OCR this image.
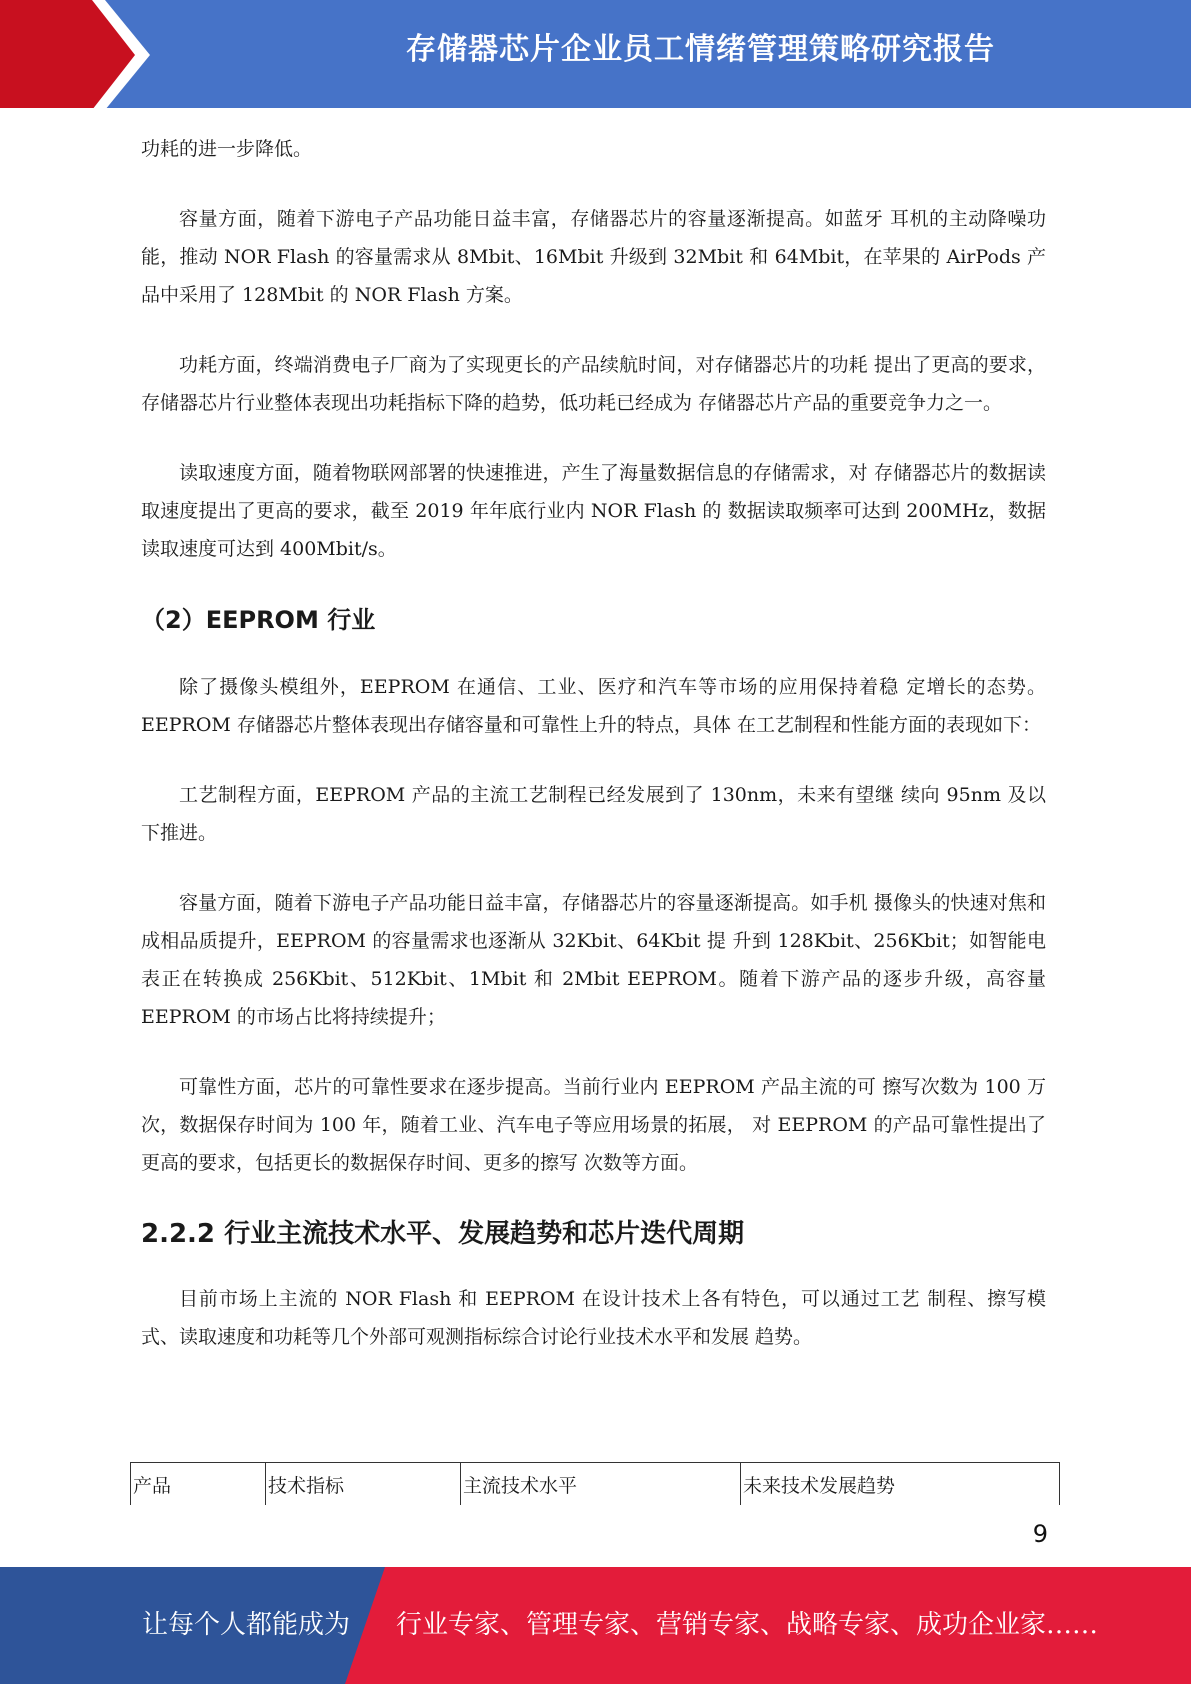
存储器芯片企业员工情绪管理策略研究报告

功耗的进一步降低。

容量方面，随着下游电子产品功能日益丰富，存储器芯片的容量逐渐提高。如蓝牙 耳机的主动降噪功能，推动 NOR Flash 的容量需求从 8Mbit、16Mbit 升级到 32Mbit 和 64Mbit，在苹果的 AirPods 产品中采用了 128Mbit 的 NOR Flash 方案。

功耗方面，终端消费电子厂商为了实现更长的产品续航时间，对存储器芯片的功耗 提出了更高的要求，存储器芯片行业整体表现出功耗指标下降的趋势，低功耗已经成为 存储器芯片产品的重要竞争力之一。

读取速度方面，随着物联网部署的快速推进，产生了海量数据信息的存储需求，对 存储器芯片的数据读取速度提出了更高的要求，截至 2019 年年底行业内 NOR Flash 的 数据读取频率可达到 200MHz，数据读取速度可达到 400Mbit/s。

（2）EEPROM 行业

除了摄像头模组外，EEPROM 在通信、工业、医疗和汽车等市场的应用保持着稳 定增长的态势。EEPROM 存储器芯片整体表现出存储容量和可靠性上升的特点，具体 在工艺制程和性能方面的表现如下：

工艺制程方面，EEPROM 产品的主流工艺制程已经发展到了 130nm，未来有望继 续向 95nm 及以下推进。

容量方面，随着下游电子产品功能日益丰富，存储器芯片的容量逐渐提高。如手机 摄像头的快速对焦和成相品质提升，EEPROM 的容量需求也逐渐从 32Kbit、64Kbit 提 升到 128Kbit、256Kbit；如智能电表正在转换成 256Kbit、512Kbit、1Mbit 和 2Mbit EEPROM。随着下游产品的逐步升级，高容量 EEPROM 的市场占比将持续提升；

可靠性方面，芯片的可靠性要求在逐步提高。当前行业内 EEPROM 产品主流的可 擦写次数为 100 万次，数据保存时间为 100 年，随着工业、汽车电子等应用场景的拓展， 对 EEPROM 的产品可靠性提出了更高的要求，包括更长的数据保存时间、更多的擦写 次数等方面。

2.2.2 行业主流技术水平、发展趋势和芯片迭代周期

目前市场上主流的 NOR Flash 和 EEPROM 在设计技术上各有特色，可以通过工艺 制程、擦写模式、读取速度和功耗等几个外部可观测指标综合讨论行业技术水平和发展 趋势。

产品	技术指标	主流技术水平	未来技术发展趋势
9
让每个人都能成为 行业专家、管理专家、营销专家、战略专家、成功企业家……
